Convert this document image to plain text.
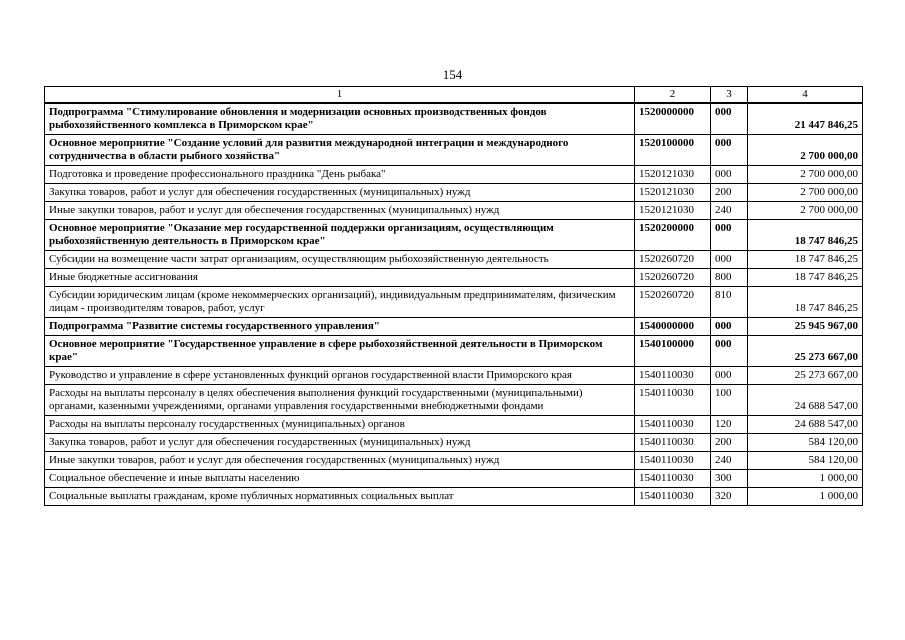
154
1	2	3	4
Подпрограмма "Стимулирование обновления и модернизации основных производственных фондов рыбохозяйственного комплекса в Приморском крае"	1520000000	000	21 447 846,25
Основное мероприятие "Создание условий для развития международной интеграции и международного сотрудничества в области рыбного хозяйства"	1520100000	000	2 700 000,00
Подготовка и проведение профессионального праздника "День рыбака"	1520121030	000	2 700 000,00
Закупка товаров, работ и услуг для обеспечения государственных (муниципальных) нужд	1520121030	200	2 700 000,00
Иные закупки товаров, работ и услуг для обеспечения государственных (муниципальных) нужд	1520121030	240	2 700 000,00
Основное мероприятие "Оказание мер государственной поддержки организациям, осуществляющим рыбохозяйственную деятельность в Приморском крае"	1520200000	000	18 747 846,25
Субсидии на возмещение части затрат организациям, осуществляющим рыбохозяйственную деятельность	1520260720	000	18 747 846,25
Иные бюджетные ассигнования	1520260720	800	18 747 846,25
Субсидии юридическим лицам (кроме некоммерческих организаций), индивидуальным предпринимателям, физическим лицам - производителям товаров, работ, услуг	1520260720	810	18 747 846,25
Подпрограмма "Развитие системы государственного управления"	1540000000	000	25 945 967,00
Основное мероприятие "Государственное управление в сфере рыбохозяйственной деятельности в Приморском крае"	1540100000	000	25 273 667,00
Руководство и управление в сфере установленных функций органов государственной власти Приморского края	1540110030	000	25 273 667,00
Расходы на выплаты персоналу в целях обеспечения выполнения функций государственными (муниципальными) органами, казенными учреждениями, органами управления государственными внебюджетными фондами	1540110030	100	24 688 547,00
Расходы на выплаты персоналу государственных (муниципальных) органов	1540110030	120	24 688 547,00
Закупка товаров, работ и услуг для обеспечения государственных (муниципальных) нужд	1540110030	200	584 120,00
Иные закупки товаров, работ и услуг для обеспечения государственных (муниципальных) нужд	1540110030	240	584 120,00
Социальное обеспечение и иные выплаты населению	1540110030	300	1 000,00
Социальные выплаты гражданам, кроме публичных нормативных социальных выплат	1540110030	320	1 000,00
